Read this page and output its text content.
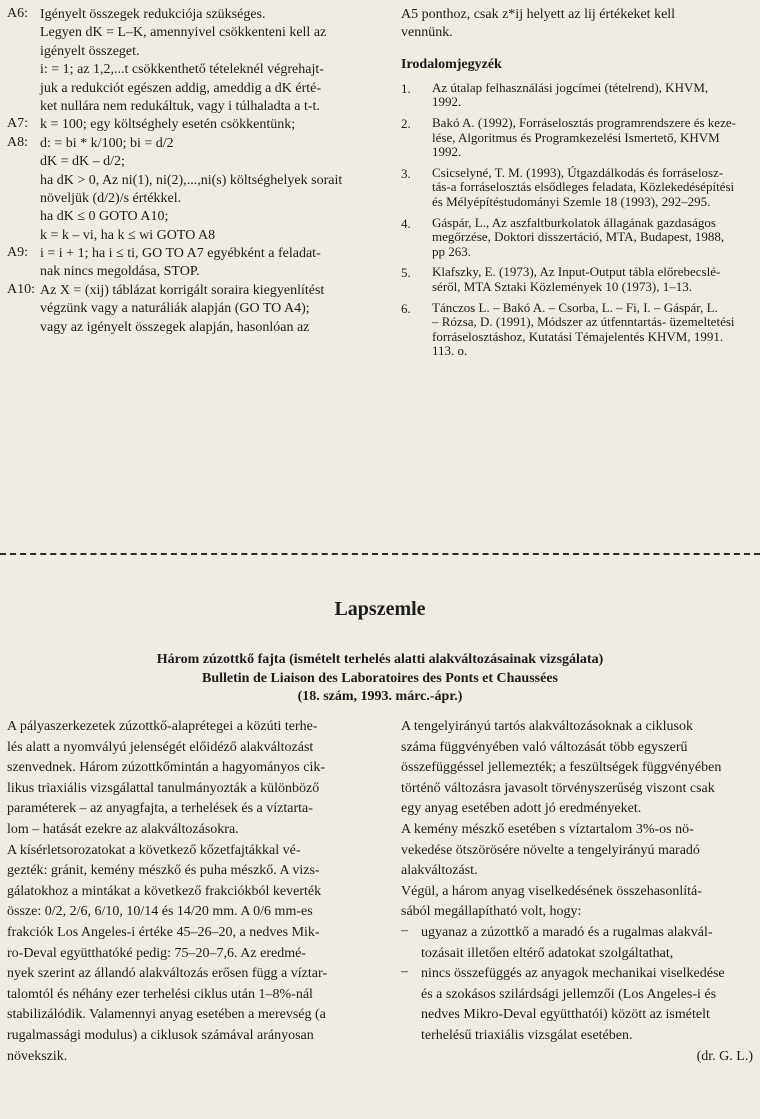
A6: Igényelt összegek redukciója szükséges.
Legyen dK = L–K, amennyivel csökkenteni kell az
igényelt összeget.
i: = 1; az 1,2,...t csökkenthető tételeknél végrehajt-
juk a redukciót egészen addig, ameddig a dK érté-
ket nullára nem redukáltuk, vagy i túlhaladta a t-t.
A7: k = 100; egy költséghely esetén csökkentünk;
A8: d: = bi * k/100; bi = d/2
dK = dK – d/2;
ha dK > 0, Az ni(1), ni(2),...,ni(s) költséghelyek sorait
növeljük (d/2)/s értékkel.
ha dK ≤ 0 GOTO A10;
k = k – vi, ha k ≤ wi GOTO A8
A9: i = i + 1; ha i ≤ ti, GO TO A7 egyébként a feladat-
nak nincs megoldása, STOP.
A10: Az X = (xij) táblázat korrigált soraira kiegyenlítést
végzünk vagy a naturáliák alapján (GO TO A4);
vagy az igényelt összegek alapján, hasonlóan az
A5 ponthoz, csak z*ij helyett az lij értékeket kell
vennünk.
Irodalomjegyzék
1.	Az útalap felhasználási jogcímei (tételrend), KHVM,
1992.
2.	Bakó A. (1992), Forráselosztás programrendszere és keze-
lése, Algoritmus és Programkezelési Ismertető, KHVM
1992.
3.	Csicselyné, T. M. (1993), Útgazdálkodás és forráselosz-
tás-a forráselosztás elsődleges feladata, Közlekedésépítési
és Mélyépítéstudományi Szemle 18 (1993), 292–295.
4.	Gáspár, L., Az aszfaltburkolatok állagának gazdaságos
megőrzése, Doktori disszertáció, MTA, Budapest, 1988,
pp 263.
5.	Klafszky, E. (1973), Az Input-Output tábla előrebecslé-
séről, MTA Sztaki Közlemények 10 (1973), 1–13.
6.	Tánczos L. – Bakó A. – Csorba, L. – Fi, I. – Gáspár, L.
– Rózsa, D. (1991), Módszer az útfenntartás- üzemeltetési
forráselosztáshoz, Kutatási Témajelentés KHVM, 1991.
113. o.
Lapszemle
Három zúzottkő fajta (ismételt terhelés alatti alakváltozásainak vizsgálata)
Bulletin de Liaison des Laboratoires des Ponts et Chaussées
(18. szám, 1993. márc.-ápr.)
A pályaszerkezetek zúzottkő-alaprétegei a közúti terhe-
lés alatt a nyomvályú jelenségét előidéző alakváltozást
szenvednek. Három zúzottkőmintán a hagyományos cik-
likus triaxiális vizsgálattal tanulmányozták a különböző
paraméterek – az anyagfajta, a terhelések és a víztarta-
lom – hatását ezekre az alakváltozásokra.
A kísérletsorozatokat a következő kőzetfajtákkal vé-
gezték: gránit, kemény mészkő és puha mészkő. A vizs-
gálatokhoz a mintákat a következő frakciókból keverték
össze: 0/2, 2/6, 6/10, 10/14 és 14/20 mm. A 0/6 mm-es
frakciók Los Angeles-i értéke 45–26–20, a nedves Mik-
ro-Deval együtthatóké pedig: 75–20–7,6. Az eredmé-
nyek szerint az állandó alakváltozás erősen függ a víztar-
talomtól és néhány ezer terhelési ciklus után 1–8%-nál
stabilizálódik. Valamennyi anyag esetében a merevség (a
rugalmassági modulus) a ciklusok számával arányosan
növekszik.
A tengelyirányú tartós alakváltozásoknak a ciklusok
száma függvényében való változását több egyszerű
összefüggéssel jellemezték; a feszültségek függvényében
történő változásra javasolt törvényszerűség viszont csak
egy anyag esetében adott jó eredményeket.
A kemény mészkő esetében s víztartalom 3%-os nö-
vekedése ötszörösére növelte a tengelyirányú maradó
alakváltozást.
Végül, a három anyag viselkedésének összehasonlítá-
sából megállapítható volt, hogy:
– ugyanaz a zúzottkő a maradó és a rugalmas alakvál-
tozásait illetően eltérő adatokat szolgáltathat,
– nincs összefüggés az anyagok mechanikai viselkedése
és a szokásos szilárdsági jellemzői (Los Angeles-i és
nedves Mikro-Deval együtthatói) között az ismételt
terhelésű triaxiális vizsgálat esetében.
(dr. G. L.)
